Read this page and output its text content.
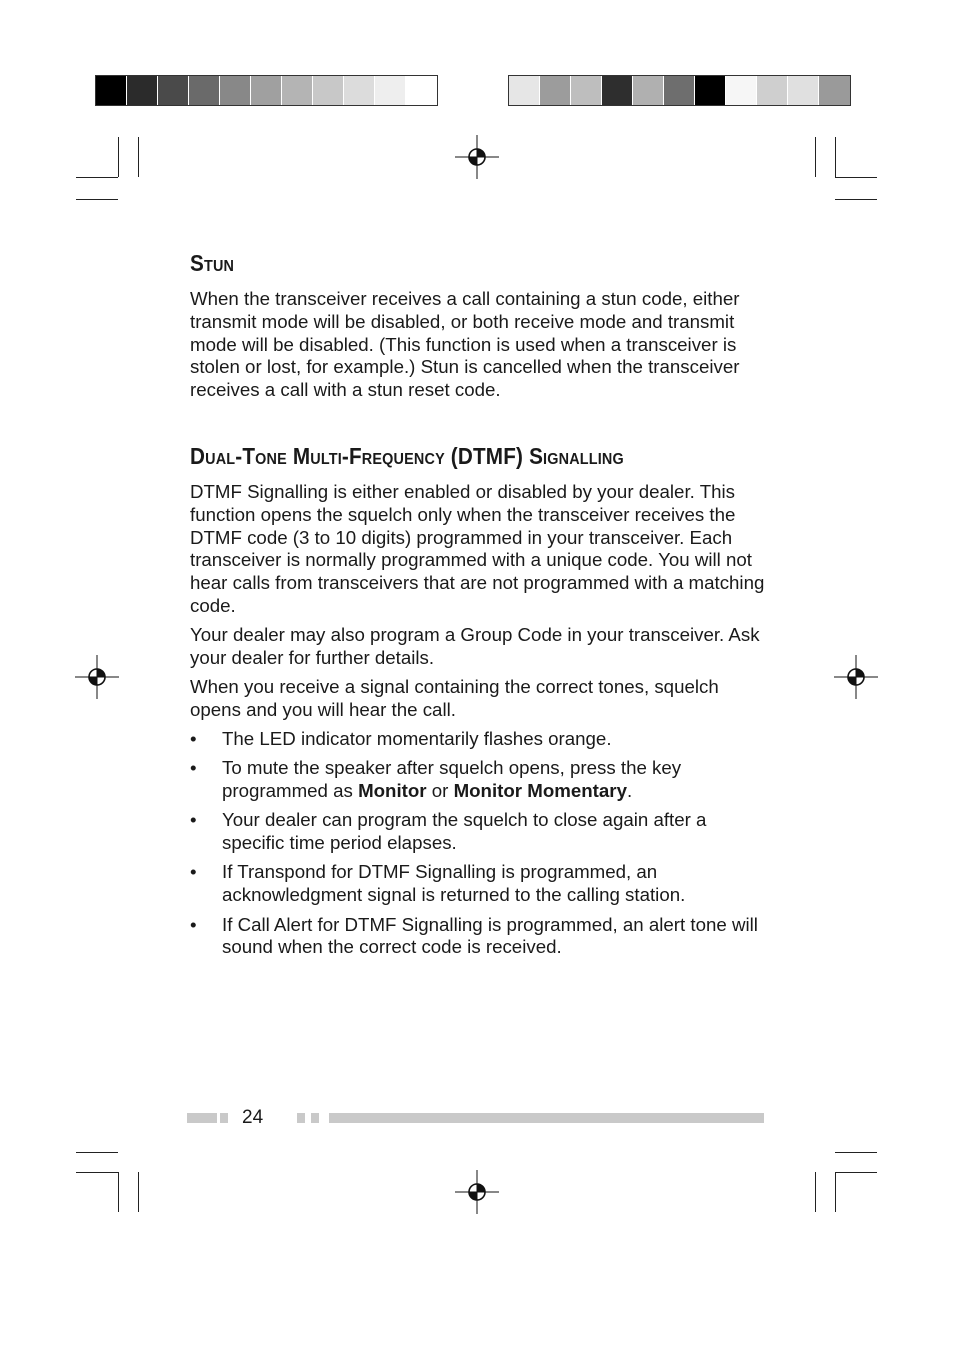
Stun

When the transceiver receives a call containing a stun code, either transmit mode will be disabled, or both receive mode and transmit mode will be disabled. (This function is used when a transceiver is stolen or lost, for example.) Stun is cancelled when the transceiver receives a call with a stun reset code.

Dual-Tone Multi-Frequency (DTMF) Signalling

DTMF Signalling is either enabled or disabled by your dealer. This function opens the squelch only when the transceiver receives the DTMF code (3 to 10 digits) programmed in your transceiver. Each transceiver is normally programmed with a unique code. You will not hear calls from transceivers that are not programmed with a matching code.

Your dealer may also program a Group Code in your transceiver. Ask your dealer for further details.

When you receive a signal containing the correct tones, squelch opens and you will hear the call.

• The LED indicator momentarily flashes orange.
• To mute the speaker after squelch opens, press the key programmed as Monitor or Monitor Momentary.
• Your dealer can program the squelch to close again after a specific time period elapses.
• If Transpond for DTMF Signalling is programmed, an acknowledgment signal is returned to the calling station.
• If Call Alert for DTMF Signalling is programmed, an alert tone will sound when the correct code is received.
24
